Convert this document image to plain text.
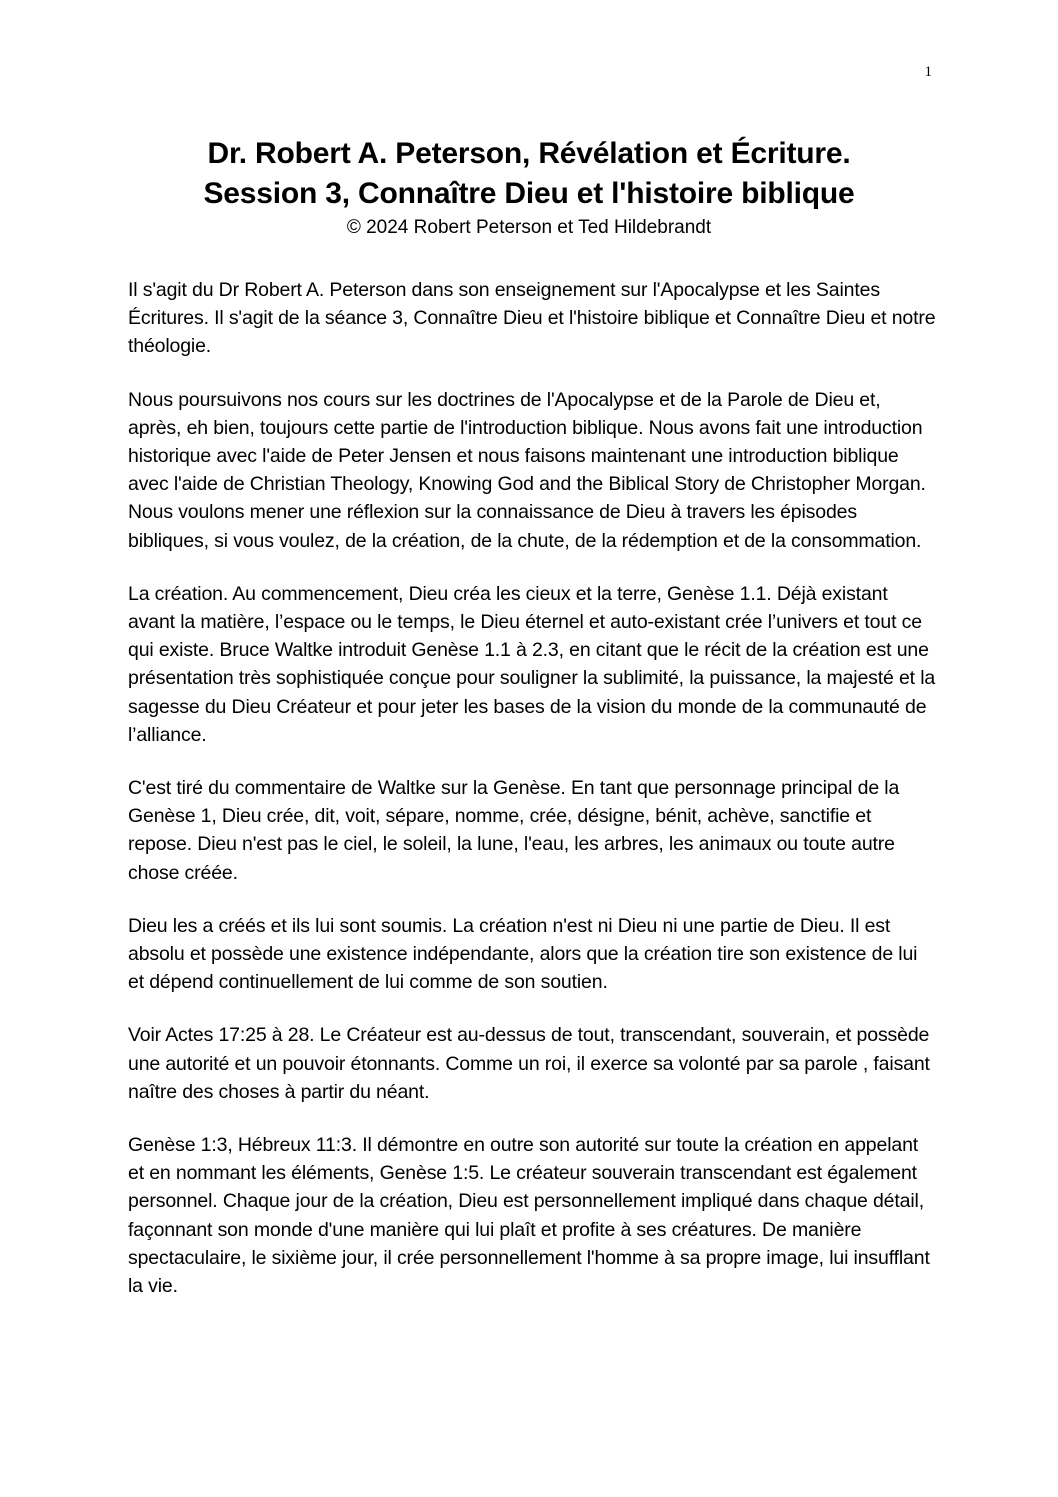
1
Dr. Robert A. Peterson, Révélation et Écriture.
Session 3, Connaître Dieu et l'histoire biblique
© 2024 Robert Peterson et Ted Hildebrandt

Il s'agit du Dr Robert A. Peterson dans son enseignement sur l'Apocalypse et les Saintes Écritures. Il s'agit de la séance 3, Connaître Dieu et l'histoire biblique et Connaître Dieu et notre théologie.

Nous poursuivons nos cours sur les doctrines de l'Apocalypse et de la Parole de Dieu et, après, eh bien, toujours cette partie de l'introduction biblique. Nous avons fait une introduction historique avec l'aide de Peter Jensen et nous faisons maintenant une introduction biblique avec l'aide de Christian Theology, Knowing God and the Biblical Story de Christopher Morgan. Nous voulons mener une réflexion sur la connaissance de Dieu à travers les épisodes bibliques, si vous voulez, de la création, de la chute, de la rédemption et de la consommation.

La création. Au commencement, Dieu créa les cieux et la terre, Genèse 1.1. Déjà existant avant la matière, l’espace ou le temps, le Dieu éternel et auto-existant crée l’univers et tout ce qui existe. Bruce Waltke introduit Genèse 1.1 à 2.3, en citant que le récit de la création est une présentation très sophistiquée conçue pour souligner la sublimité, la puissance, la majesté et la sagesse du Dieu Créateur et pour jeter les bases de la vision du monde de la communauté de l’alliance.

C'est tiré du commentaire de Waltke sur la Genèse. En tant que personnage principal de la Genèse 1, Dieu crée, dit, voit, sépare, nomme, crée, désigne, bénit, achève, sanctifie et repose. Dieu n'est pas le ciel, le soleil, la lune, l'eau, les arbres, les animaux ou toute autre chose créée.

Dieu les a créés et ils lui sont soumis. La création n'est ni Dieu ni une partie de Dieu. Il est absolu et possède une existence indépendante, alors que la création tire son existence de lui et dépend continuellement de lui comme de son soutien.

Voir Actes 17:25 à 28. Le Créateur est au-dessus de tout, transcendant, souverain, et possède une autorité et un pouvoir étonnants. Comme un roi, il exerce sa volonté par sa parole , faisant naître des choses à partir du néant.

Genèse 1:3, Hébreux 11:3. Il démontre en outre son autorité sur toute la création en appelant et en nommant les éléments, Genèse 1:5. Le créateur souverain transcendant est également personnel. Chaque jour de la création, Dieu est personnellement impliqué dans chaque détail, façonnant son monde d'une manière qui lui plaît et profite à ses créatures. De manière spectaculaire, le sixième jour, il crée personnellement l'homme à sa propre image, lui insufflant la vie.
